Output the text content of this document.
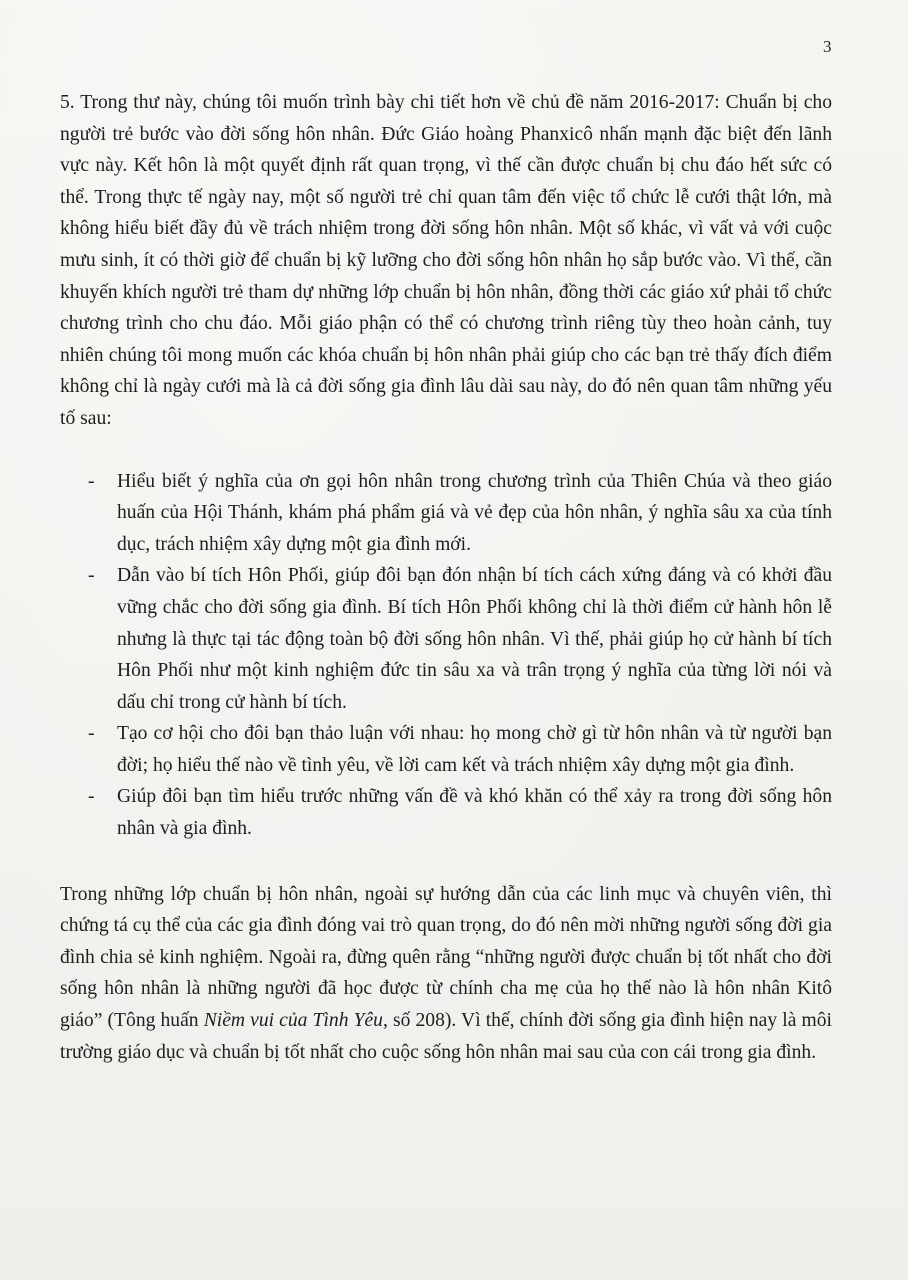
3

5. Trong thư này, chúng tôi muốn trình bày chi tiết hơn về chủ đề năm 2016-2017: Chuẩn bị cho người trẻ bước vào đời sống hôn nhân. Đức Giáo hoàng Phanxicô nhấn mạnh đặc biệt đến lãnh vực này. Kết hôn là một quyết định rất quan trọng, vì thế cần được chuẩn bị chu đáo hết sức có thể. Trong thực tế ngày nay, một số người trẻ chỉ quan tâm đến việc tổ chức lễ cưới thật lớn, mà không hiểu biết đầy đủ về trách nhiệm trong đời sống hôn nhân. Một số khác, vì vất vả với cuộc mưu sinh, ít có thời giờ để chuẩn bị kỹ lưỡng cho đời sống hôn nhân họ sắp bước vào. Vì thế, cần khuyến khích người trẻ tham dự những lớp chuẩn bị hôn nhân, đồng thời các giáo xứ phải tổ chức chương trình cho chu đáo. Mỗi giáo phận có thể có chương trình riêng tùy theo hoàn cảnh, tuy nhiên chúng tôi mong muốn các khóa chuẩn bị hôn nhân phải giúp cho các bạn trẻ thấy đích điểm không chỉ là ngày cưới mà là cả đời sống gia đình lâu dài sau này, do đó nên quan tâm những yếu tố sau:

- Hiểu biết ý nghĩa của ơn gọi hôn nhân trong chương trình của Thiên Chúa và theo giáo huấn của Hội Thánh, khám phá phẩm giá và vẻ đẹp của hôn nhân, ý nghĩa sâu xa của tính dục, trách nhiệm xây dựng một gia đình mới.
- Dẫn vào bí tích Hôn Phối, giúp đôi bạn đón nhận bí tích cách xứng đáng và có khởi đầu vững chắc cho đời sống gia đình. Bí tích Hôn Phối không chỉ là thời điểm cử hành hôn lễ nhưng là thực tại tác động toàn bộ đời sống hôn nhân. Vì thế, phải giúp họ cử hành bí tích Hôn Phối như một kinh nghiệm đức tin sâu xa và trân trọng ý nghĩa của từng lời nói và dấu chỉ trong cử hành bí tích.
- Tạo cơ hội cho đôi bạn thảo luận với nhau: họ mong chờ gì từ hôn nhân và từ người bạn đời; họ hiểu thế nào về tình yêu, về lời cam kết và trách nhiệm xây dựng một gia đình.
- Giúp đôi bạn tìm hiểu trước những vấn đề và khó khăn có thể xảy ra trong đời sống hôn nhân và gia đình.

Trong những lớp chuẩn bị hôn nhân, ngoài sự hướng dẫn của các linh mục và chuyên viên, thì chứng tá cụ thể của các gia đình đóng vai trò quan trọng, do đó nên mời những người sống đời gia đình chia sẻ kinh nghiệm. Ngoài ra, đừng quên rằng “những người được chuẩn bị tốt nhất cho đời sống hôn nhân là những người đã học được từ chính cha mẹ của họ thế nào là hôn nhân Kitô giáo” (Tông huấn Niềm vui của Tình Yêu, số 208). Vì thế, chính đời sống gia đình hiện nay là môi trường giáo dục và chuẩn bị tốt nhất cho cuộc sống hôn nhân mai sau của con cái trong gia đình.
